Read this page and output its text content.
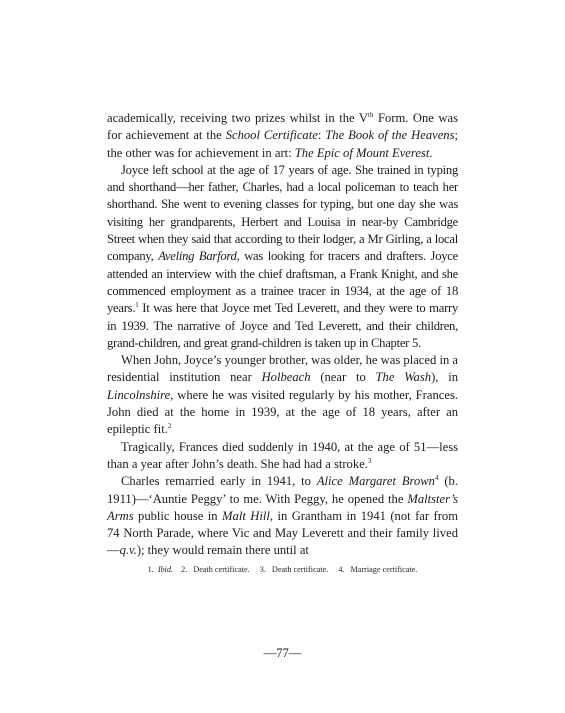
academically, receiving two prizes whilst in the Vth Form. One was for achievement at the School Certificate: The Book of the Heavens; the other was for achievement in art: The Epic of Mount Everest.

Joyce left school at the age of 17 years of age. She trained in typing and shorthand—her father, Charles, had a local policeman to teach her shorthand. She went to evening classes for typing, but one day she was visiting her grandparents, Herbert and Louisa in near-by Cambridge Street when they said that according to their lodger, a Mr Girling, a local company, Aveling Barford, was looking for tracers and drafters. Joyce attended an interview with the chief draftsman, a Frank Knight, and she commenced employment as a trainee tracer in 1934, at the age of 18 years.$^1$ It was here that Joyce met Ted Leverett, and they were to marry in 1939. The narrative of Joyce and Ted Leverett, and their children, grand-children, and great grand-children is taken up in Chapter 5.

When John, Joyce’s younger brother, was older, he was placed in a residential institution near Holbeach (near to The Wash), in Lincolnshire, where he was visited regularly by his mother, Frances. John died at the home in 1939, at the age of 18 years, after an epileptic fit.$^2$

Tragically, Frances died suddenly in 1940, at the age of 51—less than a year after John’s death. She had had a stroke.$^3$

Charles remarried early in 1941, to Alice Margaret Brown$^4$ (b. 1911)—‘Auntie Peggy’ to me. With Peggy, he opened the Maltster’s Arms public house in Malt Hill, in Grantham in 1941 (not far from 74 North Parade, where Vic and May Leverett and their family lived—q.v.); they would remain there until at

1. Ibid. 2. Death certificate. 3. Death certificate. 4. Marriage certificate.
—77—
